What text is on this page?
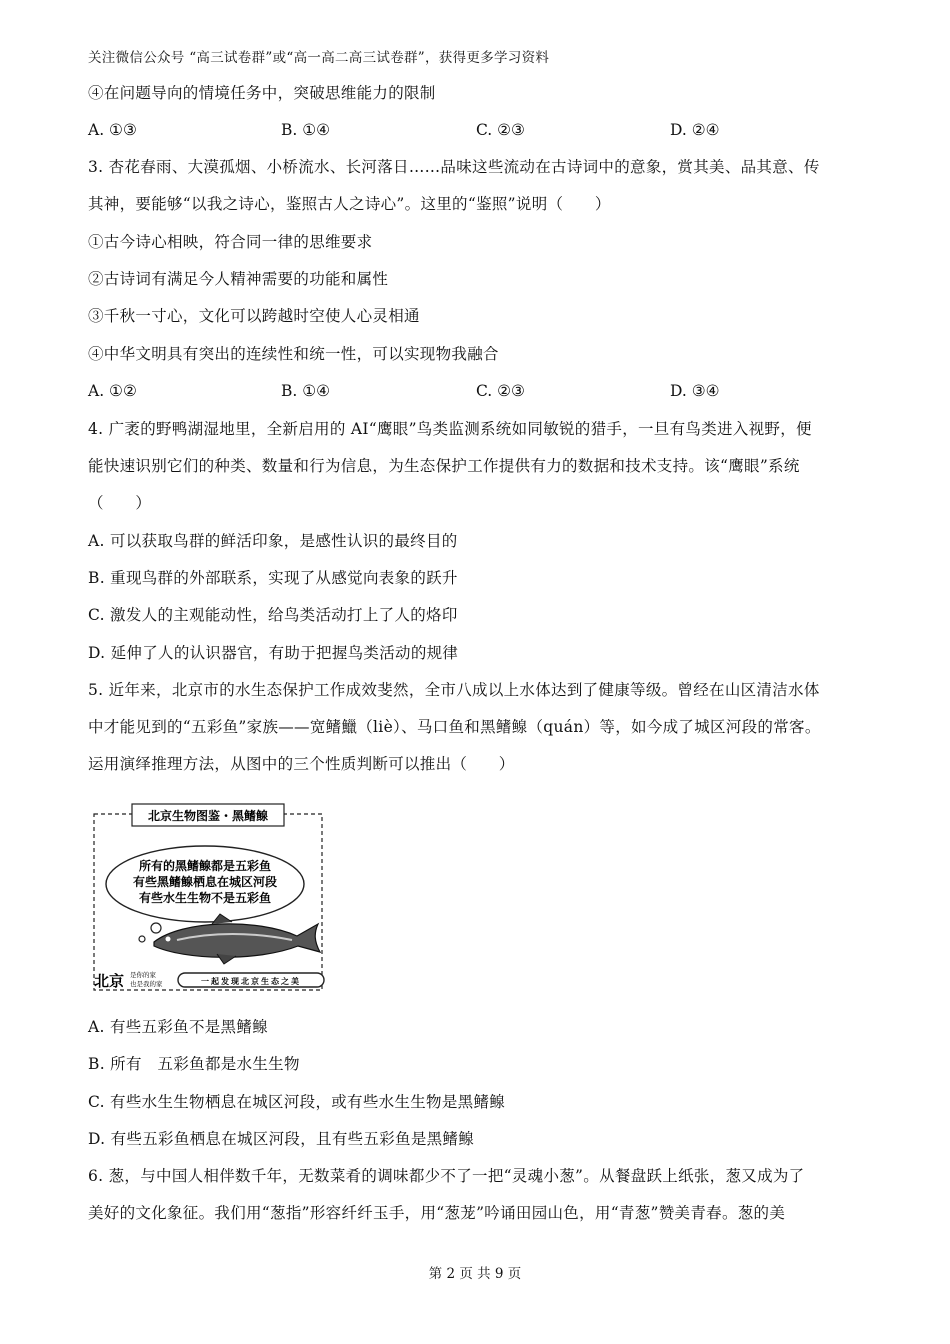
关注微信公众号 “高三试卷群”或“高一高二高三试卷群”，获得更多学习资料
④在问题导向的情境任务中，突破思维能力的限制
A. ①③	B. ①④	C. ②③	D. ②④
3. 杏花春雨、大漠孤烟、小桥流水、长河落日……品味这些流动在古诗词中的意象，赏其美、品其意、传
其神，要能够“以我之诗心，鉴照古人之诗心”。这里的“鉴照”说明（　　）
①古今诗心相映，符合同一律的思维要求
②古诗词有满足今人精神需要的功能和属性
③千秋一寸心，文化可以跨越时空使人心灵相通
④中华文明具有突出的连续性和统一性，可以实现物我融合
A. ①②	B. ①④	C. ②③	D. ③④
4. 广袤的野鸭湖湿地里，全新启用的 AI“鹰眼”鸟类监测系统如同敏锐的猎手，一旦有鸟类进入视野，便
能快速识别它们的种类、数量和行为信息，为生态保护工作提供有力的数据和技术支持。该“鹰眼”系统
（　　）
A. 可以获取鸟群的鲜活印象，是感性认识的最终目的
B. 重现鸟群的外部联系，实现了从感觉向表象的跃升
C. 激发人的主观能动性，给鸟类活动打上了人的烙印
D. 延伸了人的认识器官，有助于把握鸟类活动的规律
5. 近年来，北京市的水生态保护工作成效斐然，全市八成以上水体达到了健康等级。曾经在山区清洁水体
中才能见到的“五彩鱼”家族——宽鳍鱲（liè）、马口鱼和黑鳍鳈（quán）等，如今成了城区河段的常客。
运用演绎推理方法，从图中的三个性质判断可以推出（　　）
北京生物图鉴・黑鳍鳈
所有的黑鳍鳈都是五彩鱼
有些黑鳍鳈栖息在城区河段
有些水生生物不是五彩鱼
北京 是你的家
也是我的家	一起发现北京生态之美
A. 有些五彩鱼不是黑鳍鳈
B. 所有　五彩鱼都是水生生物
C. 有些水生生物栖息在城区河段，或有些水生生物是黑鳍鳈
D. 有些五彩鱼栖息在城区河段，且有些五彩鱼是黑鳍鳈
6. 葱，与中国人相伴数千年，无数菜肴的调味都少不了一把“灵魂小葱”。从餐盘跃上纸张，葱又成为了
美好的文化象征。我们用“葱指”形容纤纤玉手，用“葱茏”吟诵田园山色，用“青葱”赞美青春。葱的美
第 2 页 共 9 页
